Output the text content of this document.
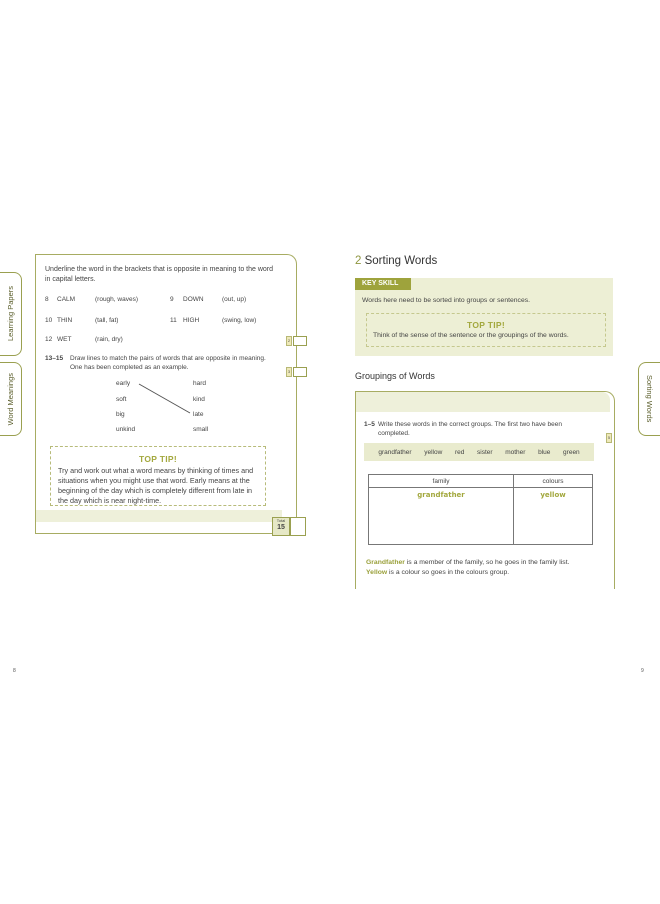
Learning Papers
Word Meanings
Underline the word in the brackets that is opposite in meaning to the word in capital letters.
8 CALM	(rough, waves)	9 DOWN	(out, up)
10 THIN	(tall, fat)	11 HIGH	(swing, low)
12 WET	(rain, dry)	2
3
13–15 Draw lines to match the pairs of words that are opposite in meaning. One has been completed as an example.
early
soft
big
unkind
hard
kind
late
small
TOP TIP!
Try and work out what a word means by thinking of times and situations when you might use that word. Early means at the beginning of the day which is completely different from late in the day which is near night-time.
Total
15
8
2 Sorting Words
KEY SKILL
Words here need to be sorted into groups or sentences.
TOP TIP!
Think of the sense of the sentence or the groupings of the words.
Groupings of Words
1–5 Write these words in the correct groups. The first two have been completed.
5
grandfather yellow red sister mother blue green
family	colours
grandfather	yellow
Grandfather is a member of the family, so he goes in the family list.
Yellow is a colour so goes in the colours group.
Sorting Words
9
